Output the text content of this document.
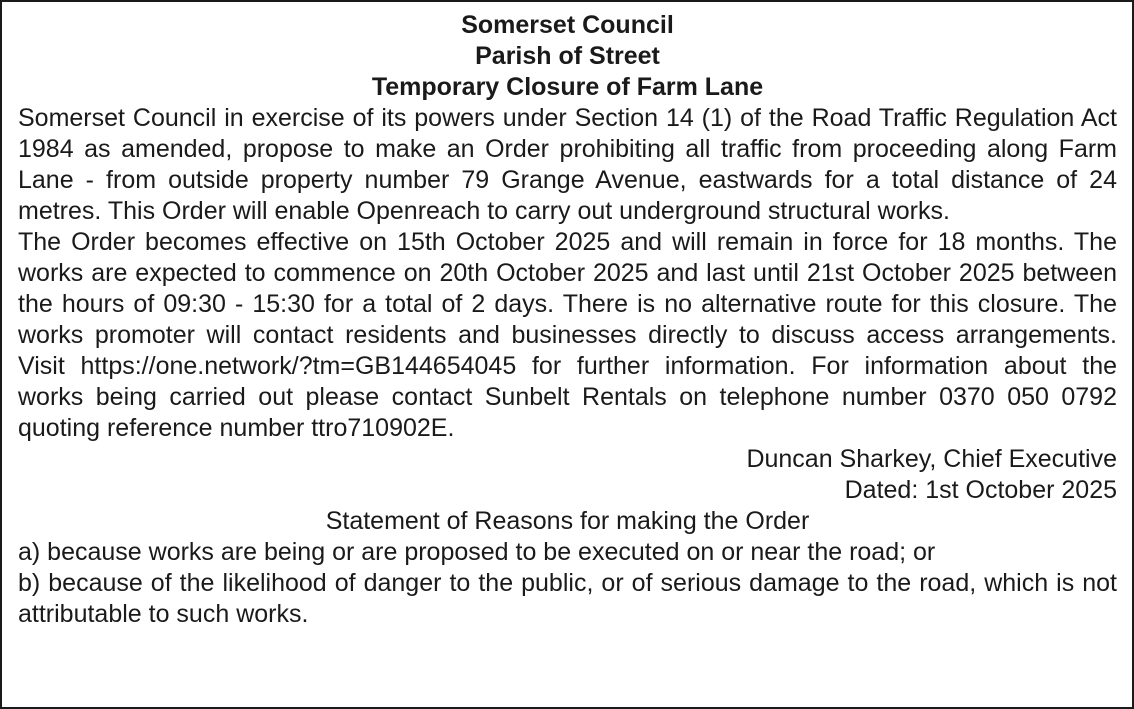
Somerset Council

Parish of Street

Temporary Closure of Farm Lane

Somerset Council in exercise of its powers under Section 14 (1) of the Road Traffic Regulation Act 1984 as amended, propose to make an Order prohibiting all traffic from proceeding along Farm Lane - from outside property number 79 Grange Avenue, eastwards for a total distance of 24 metres. This Order will enable Openreach to carry out underground structural works.

The Order becomes effective on 15th October 2025 and will remain in force for 18 months. The works are expected to commence on 20th October 2025 and last until 21st October 2025 between the hours of 09:30 - 15:30 for a total of 2 days. There is no alternative route for this closure. The works promoter will contact residents and businesses directly to discuss access arrangements. Visit https://one.network/?tm=GB144654045 for further information. For information about the works being carried out please contact Sunbelt Rentals on telephone number 0370 050 0792 quoting reference number ttro710902E.

Duncan Sharkey, Chief Executive

Dated: 1st October 2025

Statement of Reasons for making the Order

a) because works are being or are proposed to be executed on or near the road; or

b) because of the likelihood of danger to the public, or of serious damage to the road, which is not attributable to such works.
